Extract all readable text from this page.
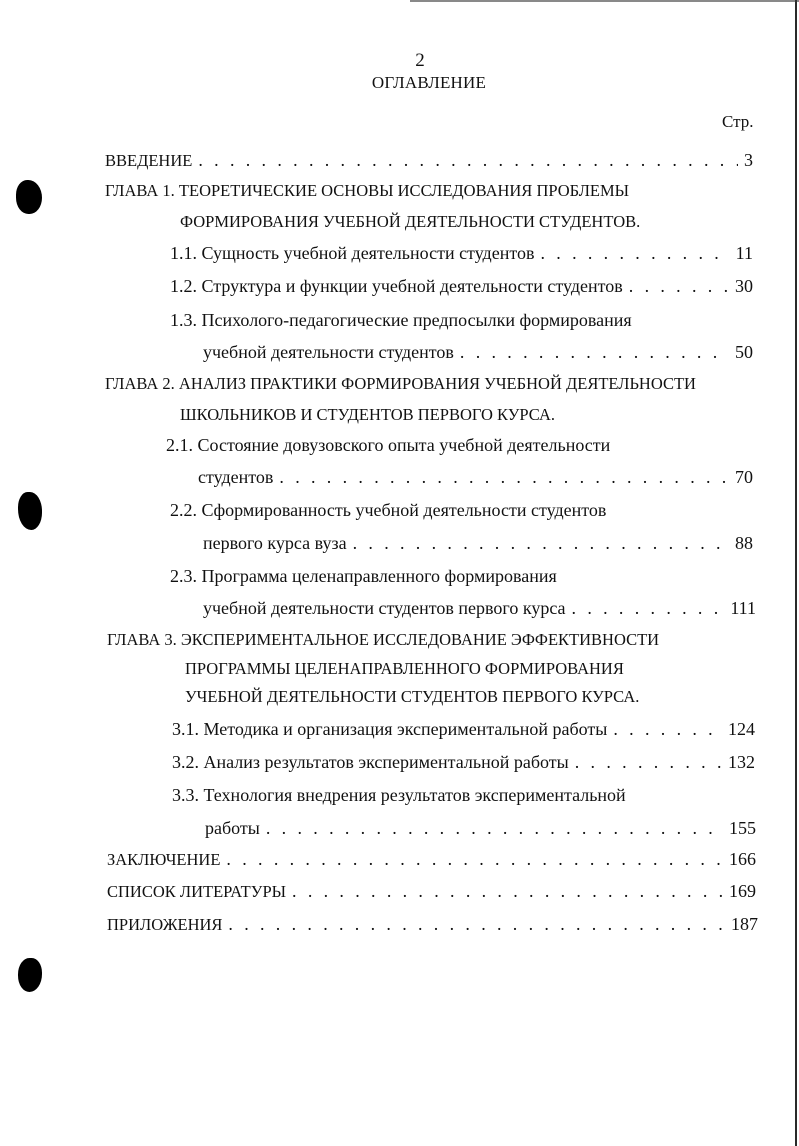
2
ОГЛАВЛЕНИЕ
Стр.
ВВЕДЕНИЕ . . .	3
ГЛАВА 1. ТЕОРЕТИЧЕСКИЕ ОСНОВЫ ИССЛЕДОВАНИЯ ПРОБЛЕМЫ
ФОРМИРОВАНИЯ УЧЕБНОЙ ДЕЯТЕЛЬНОСТИ СТУДЕНТОВ.
1.1. Сущность учебной деятельности студентов . . .	11
1.2. Структура и функции учебной деятельности студентов . . .	30
1.3. Психолого-педагогические предпосылки формирования
учебной деятельности студентов . . .	50
ГЛАВА 2. АНАЛИЗ ПРАКТИКИ ФОРМИРОВАНИЯ УЧЕБНОЙ ДЕЯТЕЛЬНОСТИ
ШКОЛЬНИКОВ И СТУДЕНТОВ ПЕРВОГО КУРСА.
2.1. Состояние довузовского опыта учебной деятельности
студентов . . .	70
2.2. Сформированность учебной деятельности студентов
первого курса вуза . . .	88
2.3. Программа целенаправленного формирования
учебной деятельности студентов первого курса . . .	111
ГЛАВА 3. ЭКСПЕРИМЕНТАЛЬНОЕ ИССЛЕДОВАНИЕ ЭФФЕКТИВНОСТИ
ПРОГРАММЫ ЦЕЛЕНАПРАВЛЕННОГО ФОРМИРОВАНИЯ
УЧЕБНОЙ ДЕЯТЕЛЬНОСТИ СТУДЕНТОВ ПЕРВОГО КУРСА.
3.1. Методика и организация экспериментальной работы . . .	124
3.2. Анализ результатов экспериментальной работы . . .	132
3.3. Технология внедрения результатов экспериментальной
работы . . .	155
ЗАКЛЮЧЕНИЕ . . .	166
СПИСОК ЛИТЕРАТУРЫ . . .	169
ПРИЛОЖЕНИЯ . . .	187
